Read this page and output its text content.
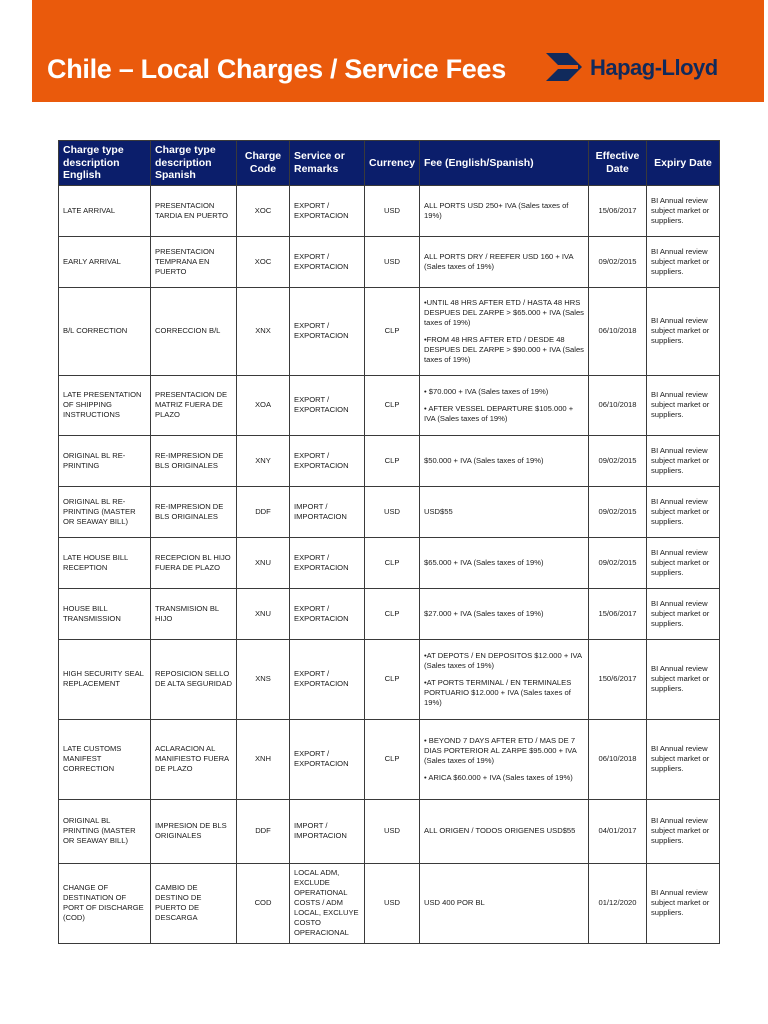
Chile – Local Charges / Service Fees	Hapag-Lloyd
Charge type description English	Charge type description Spanish	Charge Code	Service or Remarks	Currency	Fee (English/Spanish)	Effective Date	Expiry Date
LATE ARRIVAL	PRESENTACION TARDIA EN PUERTO	XOC	EXPORT / EXPORTACION	USD	ALL PORTS USD 250+ IVA (Sales taxes of 19%)	15/06/2017	BI Annual review subject market or suppliers.
EARLY ARRIVAL	PRESENTACION TEMPRANA EN PUERTO	XOC	EXPORT / EXPORTACION	USD	ALL PORTS DRY / REEFER USD 160 + IVA (Sales taxes of 19%)	09/02/2015	BI Annual review subject market or suppliers.
B/L CORRECTION	CORRECCION B/L	XNX	EXPORT / EXPORTACION	CLP	•UNTIL 48 HRS AFTER ETD / HASTA 48 HRS DESPUES DEL ZARPE > $65.000 + IVA (Sales taxes of 19%)

•FROM 48 HRS AFTER ETD / DESDE 48 DESPUES DEL ZARPE > $90.000 + IVA (Sales taxes of 19%)	06/10/2018	BI Annual review subject market or suppliers.
LATE PRESENTATION OF SHIPPING INSTRUCTIONS	PRESENTACION DE MATRIZ FUERA DE PLAZO	XOA	EXPORT / EXPORTACION	CLP	• $70.000 + IVA (Sales taxes of 19%)

• AFTER VESSEL DEPARTURE $105.000 + IVA (Sales taxes of 19%)	06/10/2018	BI Annual review subject market or suppliers.
ORIGINAL BL RE-PRINTING	RE-IMPRESION DE BLS ORIGINALES	XNY	EXPORT / EXPORTACION	CLP	$50.000 + IVA (Sales taxes of 19%)	09/02/2015	BI Annual review subject market or suppliers.
ORIGINAL BL RE-PRINTING (MASTER OR SEAWAY BILL)	RE-IMPRESION DE BLS ORIGINALES	DDF	IMPORT / IMPORTACION	USD	USD$55	09/02/2015	BI Annual review subject market or suppliers.
LATE HOUSE BILL RECEPTION	RECEPCION BL HIJO FUERA DE PLAZO	XNU	EXPORT / EXPORTACION	CLP	$65.000 + IVA (Sales taxes of 19%)	09/02/2015	BI Annual review subject market or suppliers.
HOUSE BILL TRANSMISSION	TRANSMISION BL HIJO	XNU	EXPORT / EXPORTACION	CLP	$27.000 + IVA (Sales taxes of 19%)	15/06/2017	BI Annual review subject market or suppliers.
HIGH SECURITY SEAL REPLACEMENT	REPOSICION SELLO DE ALTA SEGURIDAD	XNS	EXPORT / EXPORTACION	CLP	•AT DEPOTS / EN DEPOSITOS $12.000 + IVA (Sales taxes of 19%)

•AT PORTS TERMINAL / EN TERMINALES PORTUARIO $12.000 + IVA (Sales taxes of 19%)	150/6/2017	BI Annual review subject market or suppliers.
LATE CUSTOMS MANIFEST CORRECTION	ACLARACION AL MANIFIESTO FUERA DE PLAZO	XNH	EXPORT / EXPORTACION	CLP	• BEYOND 7 DAYS AFTER ETD / MAS DE 7 DIAS PORTERIOR AL ZARPE $95.000 + IVA (Sales taxes of 19%)

• ARICA $60.000 + IVA (Sales taxes of 19%)	06/10/2018	BI Annual review subject market or suppliers.
ORIGINAL BL PRINTING (MASTER OR SEAWAY BILL)	IMPRESION DE BLS ORIGINALES	DDF	IMPORT / IMPORTACION	USD	ALL ORIGEN / TODOS ORIGENES USD$55	04/01/2017	BI Annual review subject market or suppliers.
CHANGE OF DESTINATION OF PORT OF DISCHARGE (COD)	CAMBIO DE DESTINO DE PUERTO DE DESCARGA	COD	LOCAL ADM, EXCLUDE OPERATIONAL COSTS / ADM LOCAL, EXCLUYE COSTO OPERACIONAL	USD	USD 400 POR BL	01/12/2020	BI Annual review subject market or suppliers.
